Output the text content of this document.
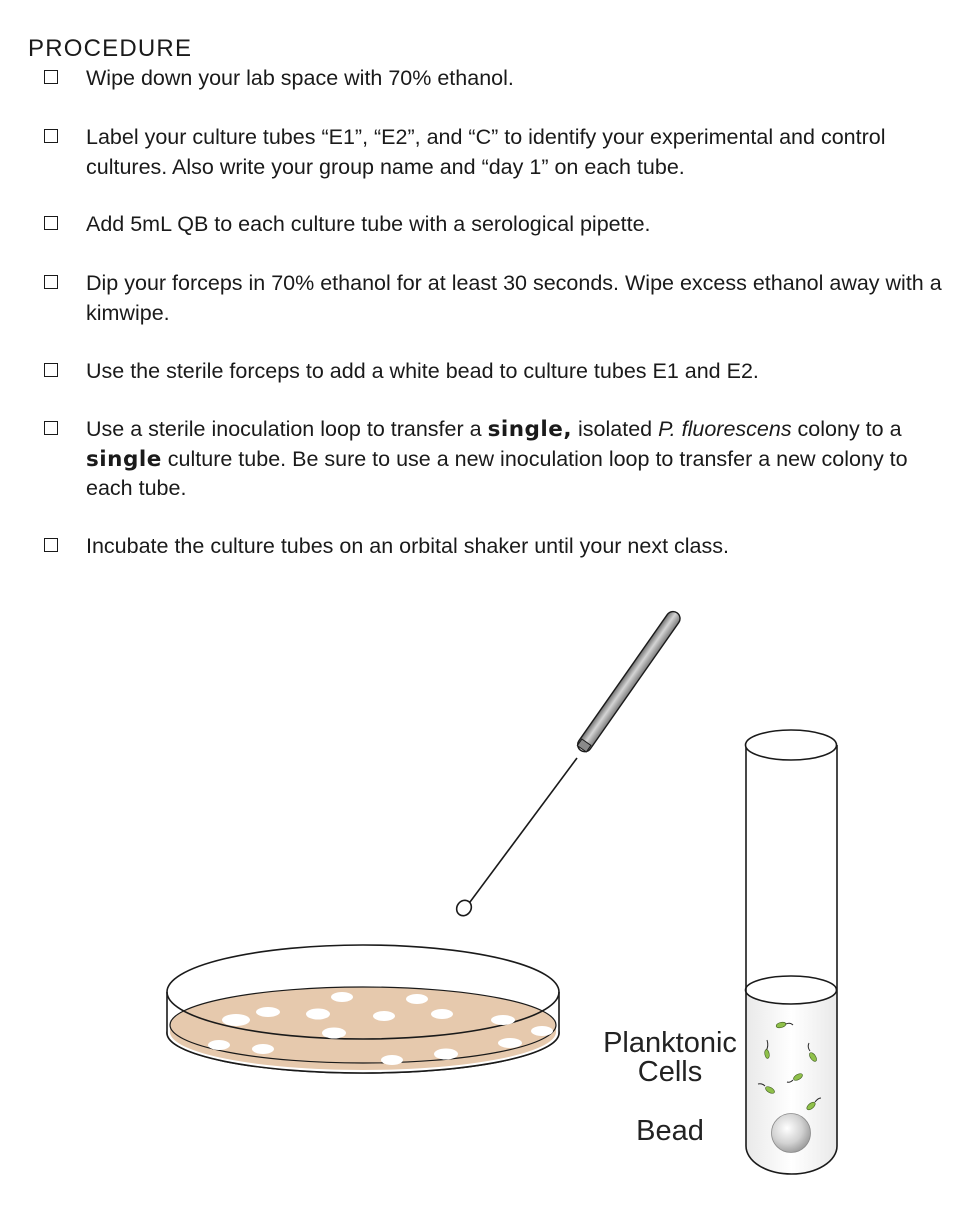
PROCEDURE
Wipe down your lab space with 70% ethanol.
Label your culture tubes “E1”, “E2”, and “C” to identify your experimental and control cultures. Also write your group name and “day 1” on each tube.
Add 5mL QB to each culture tube with a serological pipette.
Dip your forceps in 70% ethanol for at least 30 seconds. Wipe excess ethanol away with a kimwipe.
Use the sterile forceps to add a white bead to culture tubes E1 and E2.
Use a sterile inoculation loop to transfer a single, isolated P. fluorescens colony to a single culture tube. Be sure to use a new inoculation loop to transfer a new colony to each tube.
Incubate the culture tubes on an orbital shaker until your next class.
Planktonic
Cells
Bead
